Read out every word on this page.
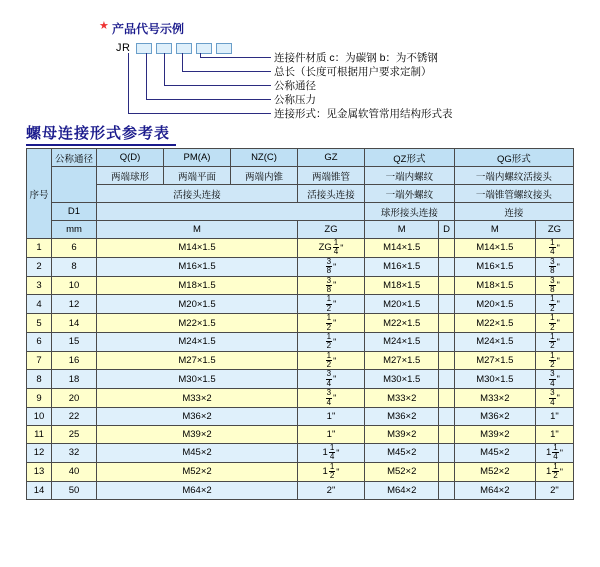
★ 产品代号示例
JR
连接件材质 c：为碳钢 b：为不锈钢
总长（长度可根据用户要求定制）
公称通径
公称压力
连接形式：见金属软管常用结构形式表
螺母连接形式参考表
序号	公称通径	Q(D)	PM(A)	NZ(C)	GZ	QZ形式		QG形式	
		两端球形	两端平面	两端内锥	两端锥管	一端内螺纹		一端内螺纹活接头	
		活接头连接			活接头连接	一端外螺纹		一端锥管螺纹接头	
	D1					球形接头连接		连接	
	mm	M			ZG	M	D	M	ZG
1	6	M14×1.5			ZG $\frac{1}{4}$ "	M14×1.5		M14×1.5	$\frac{1}{4}$ "

2	8	M16×1.5			$\frac{3}{8}$ "	M16×1.5		M16×1.5	$\frac{3}{8}$ "

3	10	M18×1.5			$\frac{3}{8}$ "	M18×1.5		M18×1.5	$\frac{3}{8}$ "

4	12	M20×1.5			$\frac{1}{2}$ "	M20×1.5		M20×1.5	$\frac{1}{2}$ "

5	14	M22×1.5			$\frac{1}{2}$ "	M22×1.5		M22×1.5	$\frac{1}{2}$ "

6	15	M24×1.5			$\frac{1}{2}$ "	M24×1.5		M24×1.5	$\frac{1}{2}$ "

7	16	M27×1.5			$\frac{1}{2}$ "	M27×1.5		M27×1.5	$\frac{1}{2}$ "

8	18	M30×1.5			$\frac{3}{4}$ "	M30×1.5		M30×1.5	$\frac{3}{4}$ "

9	20	M33×2			$\frac{3}{4}$ "	M33×2		M33×2	$\frac{3}{4}$ "

10	22	M36×2			1"	M36×2		M36×2	1"
11	25	M39×2			1"	M39×2		M39×2	1"
12	32	M45×2			$1 \frac{1}{4}$ "	M45×2		M45×2	$1 \frac{1}{4}$ "

13	40	M52×2			$1 \frac{1}{2}$ "	M52×2		M52×2	$1 \frac{1}{2}$ "

14	50	M64×2			2"	M64×2		M64×2	2"
